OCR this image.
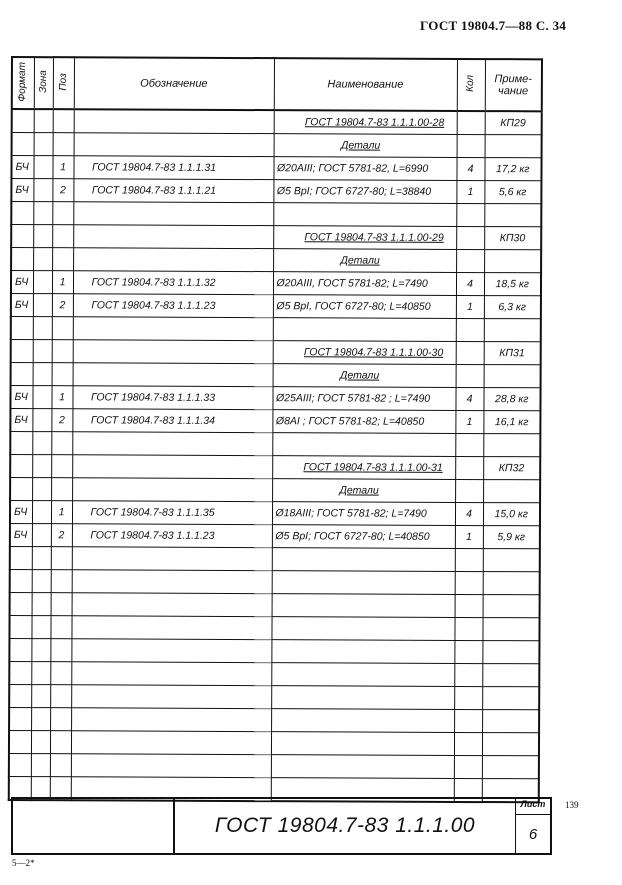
ГОСТ 19804.7—88 С. 34
Формат	Зона	Поз	Обозначение	Наименование	Кол	Приме-чание
				ГОСТ 19804.7-83 1.1.1.00-28		КП29
				Детали		
БЧ		1	ГОСТ 19804.7-83 1.1.1.31	Ø20АIII; ГОСТ 5781-82, L=6990	4	17,2 кг
БЧ		2	ГОСТ 19804.7-83 1.1.1.21	Ø5 ВрI; ГОСТ 6727-80; L=38840	1	5,6 кг

				ГОСТ 19804.7-83 1.1.1.00-29		КП30
				Детали		
БЧ		1	ГОСТ 19804.7-83 1.1.1.32	Ø20АIII, ГОСТ 5781-82; L=7490	4	18,5 кг
БЧ		2	ГОСТ 19804.7-83 1.1.1.23	Ø5 ВрI, ГОСТ 6727-80; L=40850	1	6,3 кг

				ГОСТ 19804.7-83 1.1.1.00-30		КП31
				Детали		
БЧ		1	ГОСТ 19804.7-83 1.1.1.33	Ø25АIII; ГОСТ 5781-82 ; L=7490	4	28,8 кг
БЧ		2	ГОСТ 19804.7-83 1.1.1.34	Ø8АI ; ГОСТ 5781-82; L=40850	1	16,1 кг

				ГОСТ 19804.7-83 1.1.1.00-31		КП32
				Детали		
БЧ		1	ГОСТ 19804.7-83 1.1.1.35	Ø18АIII; ГОСТ 5781-82; L=7490	4	15,0 кг
БЧ		2	ГОСТ 19804.7-83 1.1.1.23	Ø5 ВрI; ГОСТ 6727-80; L=40850	1	5,9 кг

ГОСТ 19804.7-83 1.1.1.00
Лист
6
139
5—2*
